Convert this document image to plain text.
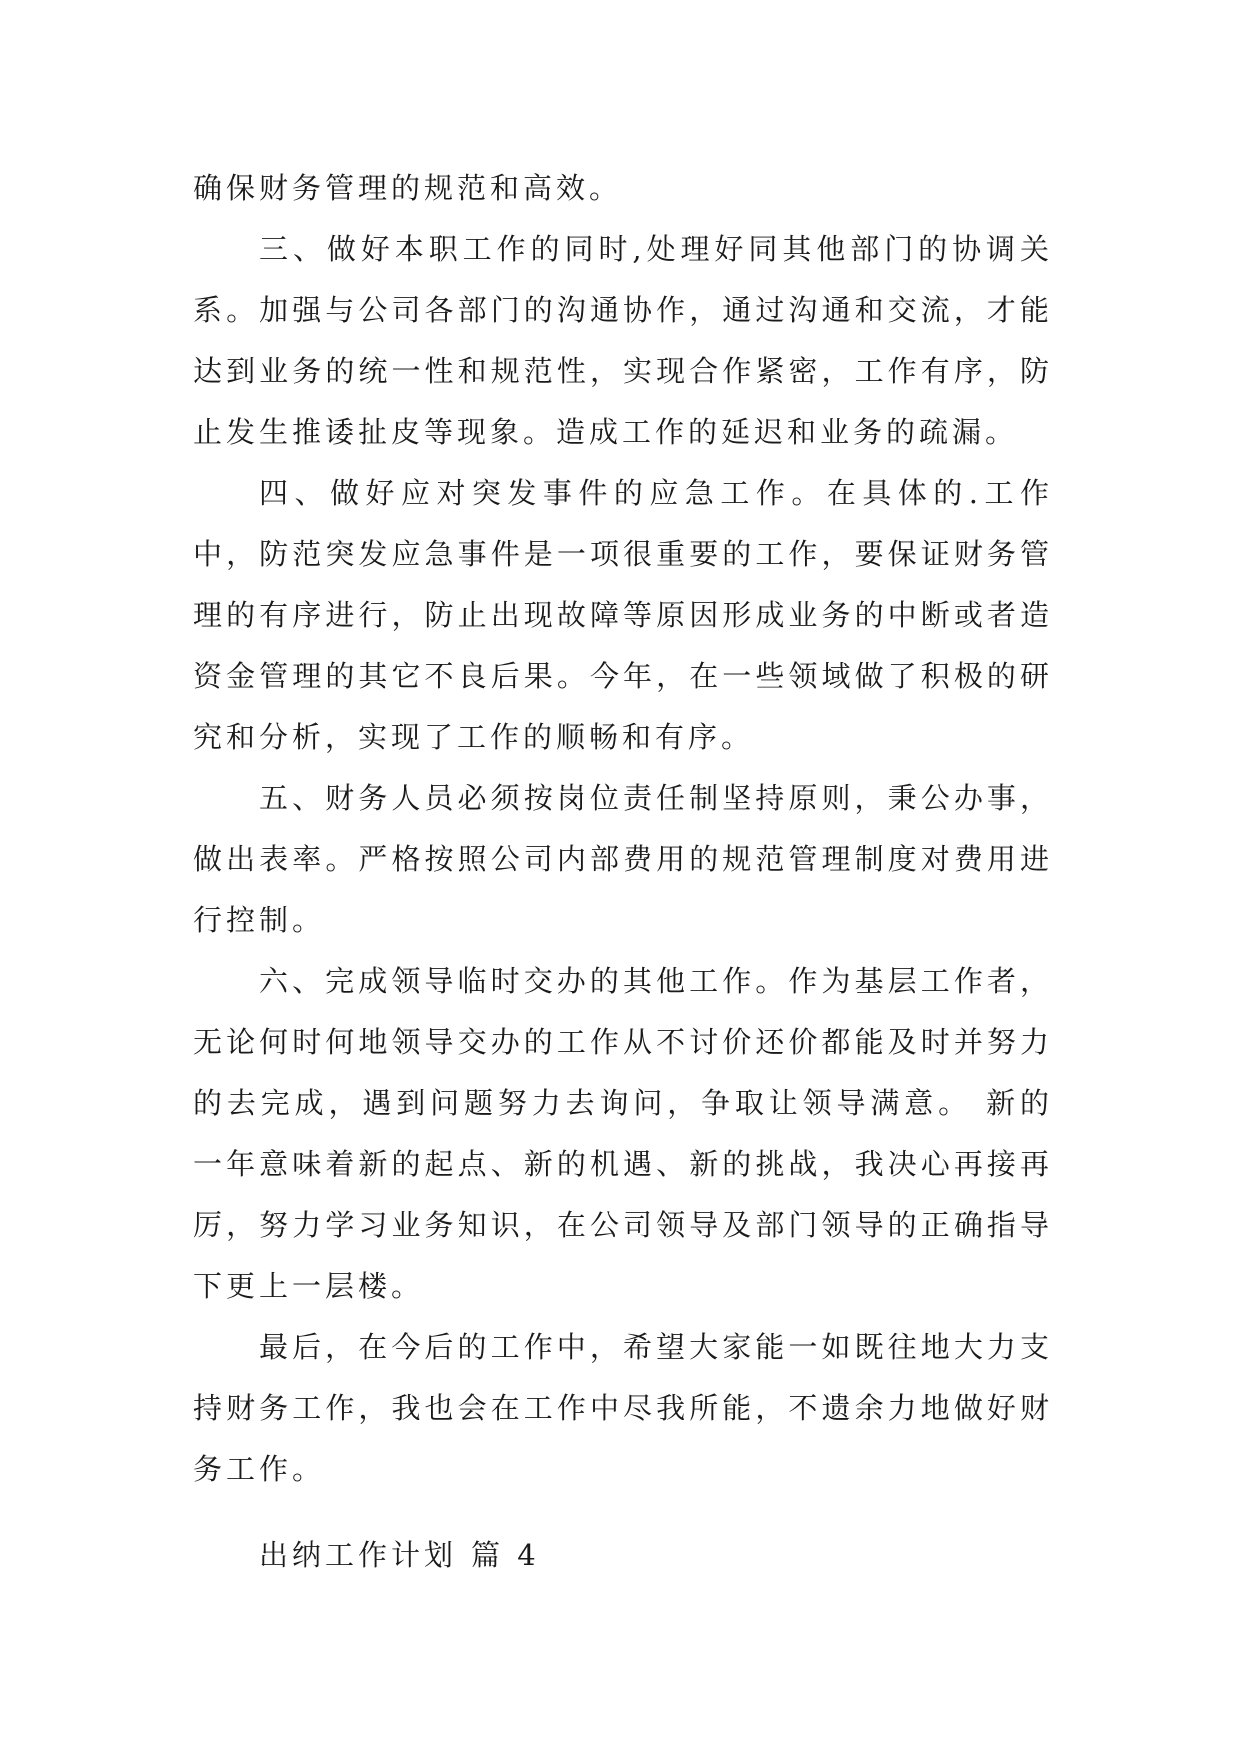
确保财务管理的规范和高效。

三、做好本职工作的同时,处理好同其他部门的协调关系。加强与公司各部门的沟通协作，通过沟通和交流，才能达到业务的统一性和规范性，实现合作紧密，工作有序，防止发生推诿扯皮等现象。造成工作的延迟和业务的疏漏。

四、做好应对突发事件的应急工作。在具体的.工作中，防范突发应急事件是一项很重要的工作，要保证财务管理的有序进行，防止出现故障等原因形成业务的中断或者造资金管理的其它不良后果。今年，在一些领域做了积极的研究和分析，实现了工作的顺畅和有序。

五、财务人员必须按岗位责任制坚持原则，秉公办事，做出表率。严格按照公司内部费用的规范管理制度对费用进行控制。

六、完成领导临时交办的其他工作。作为基层工作者，无论何时何地领导交办的工作从不讨价还价都能及时并努力的去完成，遇到问题努力去询问，争取让领导满意。 新的一年意味着新的起点、新的机遇、新的挑战，我决心再接再厉，努力学习业务知识，在公司领导及部门领导的正确指导下更上一层楼。

最后，在今后的工作中，希望大家能一如既往地大力支持财务工作，我也会在工作中尽我所能，不遗余力地做好财务工作。

出纳工作计划 篇 4
